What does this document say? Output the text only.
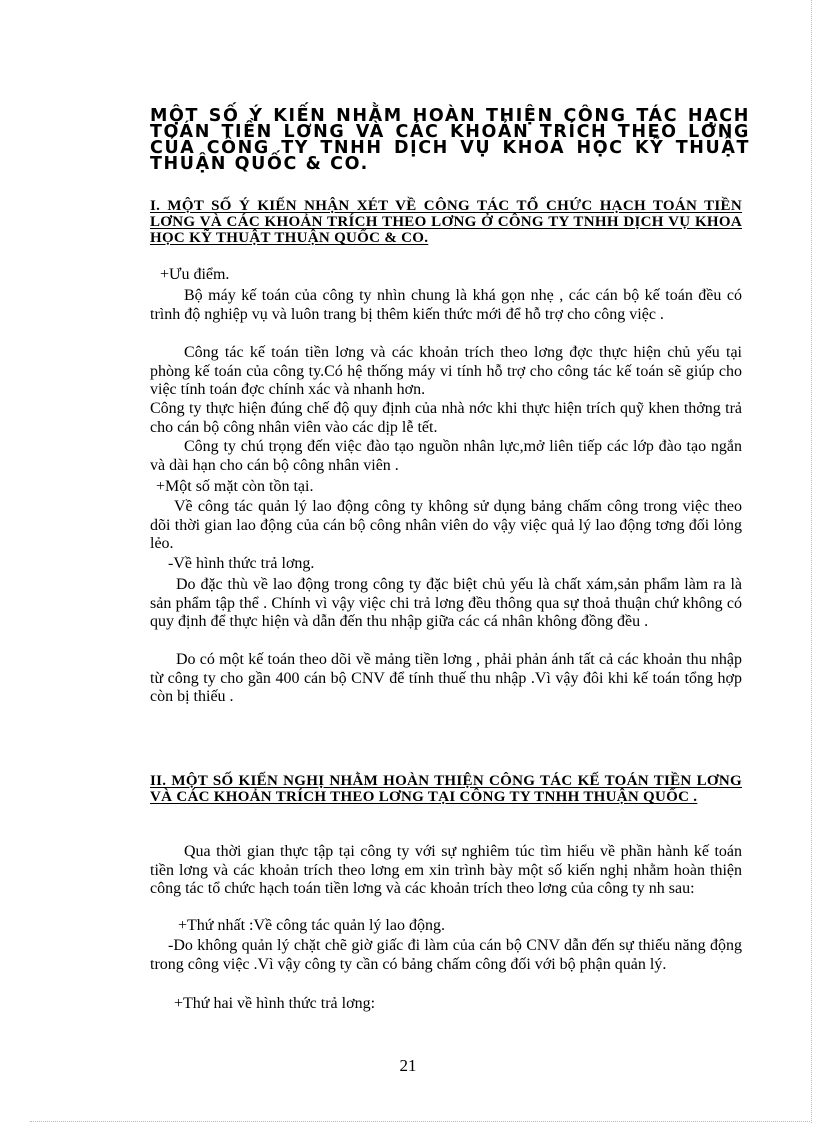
MỘT SỐ Ý KIẾN NHẰM HOÀN THIỆN CÔNG TÁC HẠCH TOÁN TIỀN LƠNG VÀ CÁC KHOẢN TRÍCH THEO LƠNG CỦA CÔNG TY TNHH DỊCH VỤ KHOA HỌC KỸ THUẬT THUẬN QUỐC & CO.
I. MỘT SỐ Ý KIẾN NHẬN XÉT VỀ CÔNG TÁC TỔ CHỨC HẠCH TOÁN TIỀN LƠNG VÀ CÁC KHOẢN TRÍCH THEO LƠNG Ở CÔNG TY TNHH DỊCH VỤ KHOA HỌC KỸ THUẬT THUẬN QUỐC & CO.

+Ưu điểm.

Bộ máy kế toán của công ty nhìn chung là khá gọn nhẹ , các cán bộ kế toán đều có trình độ nghiệp vụ và luôn trang bị thêm kiến thức mới để hỗ trợ cho công việc .

Công tác kế toán tiền lơng và các khoản trích theo lơng đợc thực hiện chủ yếu tại phòng kế toán của công ty.Có hệ thống máy vi tính hỗ trợ cho công tác kế toán sẽ giúp cho việc tính toán đợc chính xác và nhanh hơn.

Công ty thực hiện đúng chế độ quy định của nhà nớc khi thực hiện trích quỹ khen thởng trả cho cán bộ công nhân viên vào các dịp lễ tết.

Công ty chú trọng đến việc đào tạo nguồn nhân lực,mở liên tiếp các lớp đào tạo ngắn và dài hạn cho cán bộ công nhân viên .

+Một số mặt còn tồn tại.

Về công tác quản lý lao động công ty không sử dụng bảng chấm công trong việc theo dõi thời gian lao động của cán bộ công nhân viên do vậy việc quả lý lao động tơng đối lỏng lẻo.

-Về hình thức trả lơng.

Do đặc thù về lao động trong công ty đặc biệt chủ yếu là chất xám,sản phẩm làm ra là sản phẩm tập thể . Chính vì vậy việc chi trả lơng đều thông qua sự thoả thuận chứ không có quy định để thực hiện và dẫn đến thu nhập giữa các cá nhân không đồng đều .

Do có một kế toán theo dõi về mảng tiền lơng , phải phản ánh tất cả các khoản thu nhập từ công ty cho gần 400 cán bộ CNV để tính thuế thu nhập .Vì vậy đôi khi kế toán tổng hợp còn bị thiếu .

II. MỘT SỐ KIẾN NGHỊ NHẰM HOÀN THIỆN CÔNG TÁC KẾ TOÁN TIỀN LƠNG VÀ CÁC KHOẢN TRÍCH THEO LƠNG TẠI CÔNG TY TNHH THUẬN QUỐC .

Qua thời gian thực tập tại công ty với sự nghiêm túc tìm hiểu về phần hành kế toán tiền lơng và các khoản trích theo lơng em xin trình bày một số kiến nghị nhằm hoàn thiện công tác tổ chức hạch toán tiền lơng và các khoản trích theo lơng của công ty nh sau:

+Thứ nhất :Về công tác quản lý lao động.

-Do không quản lý chặt chẽ giờ giấc đi làm của cán bộ CNV dẫn đến sự thiếu năng động trong công việc .Vì vậy công ty cần có bảng chấm công đối với bộ phận quản lý.

+Thứ hai về hình thức trả lơng:

21
